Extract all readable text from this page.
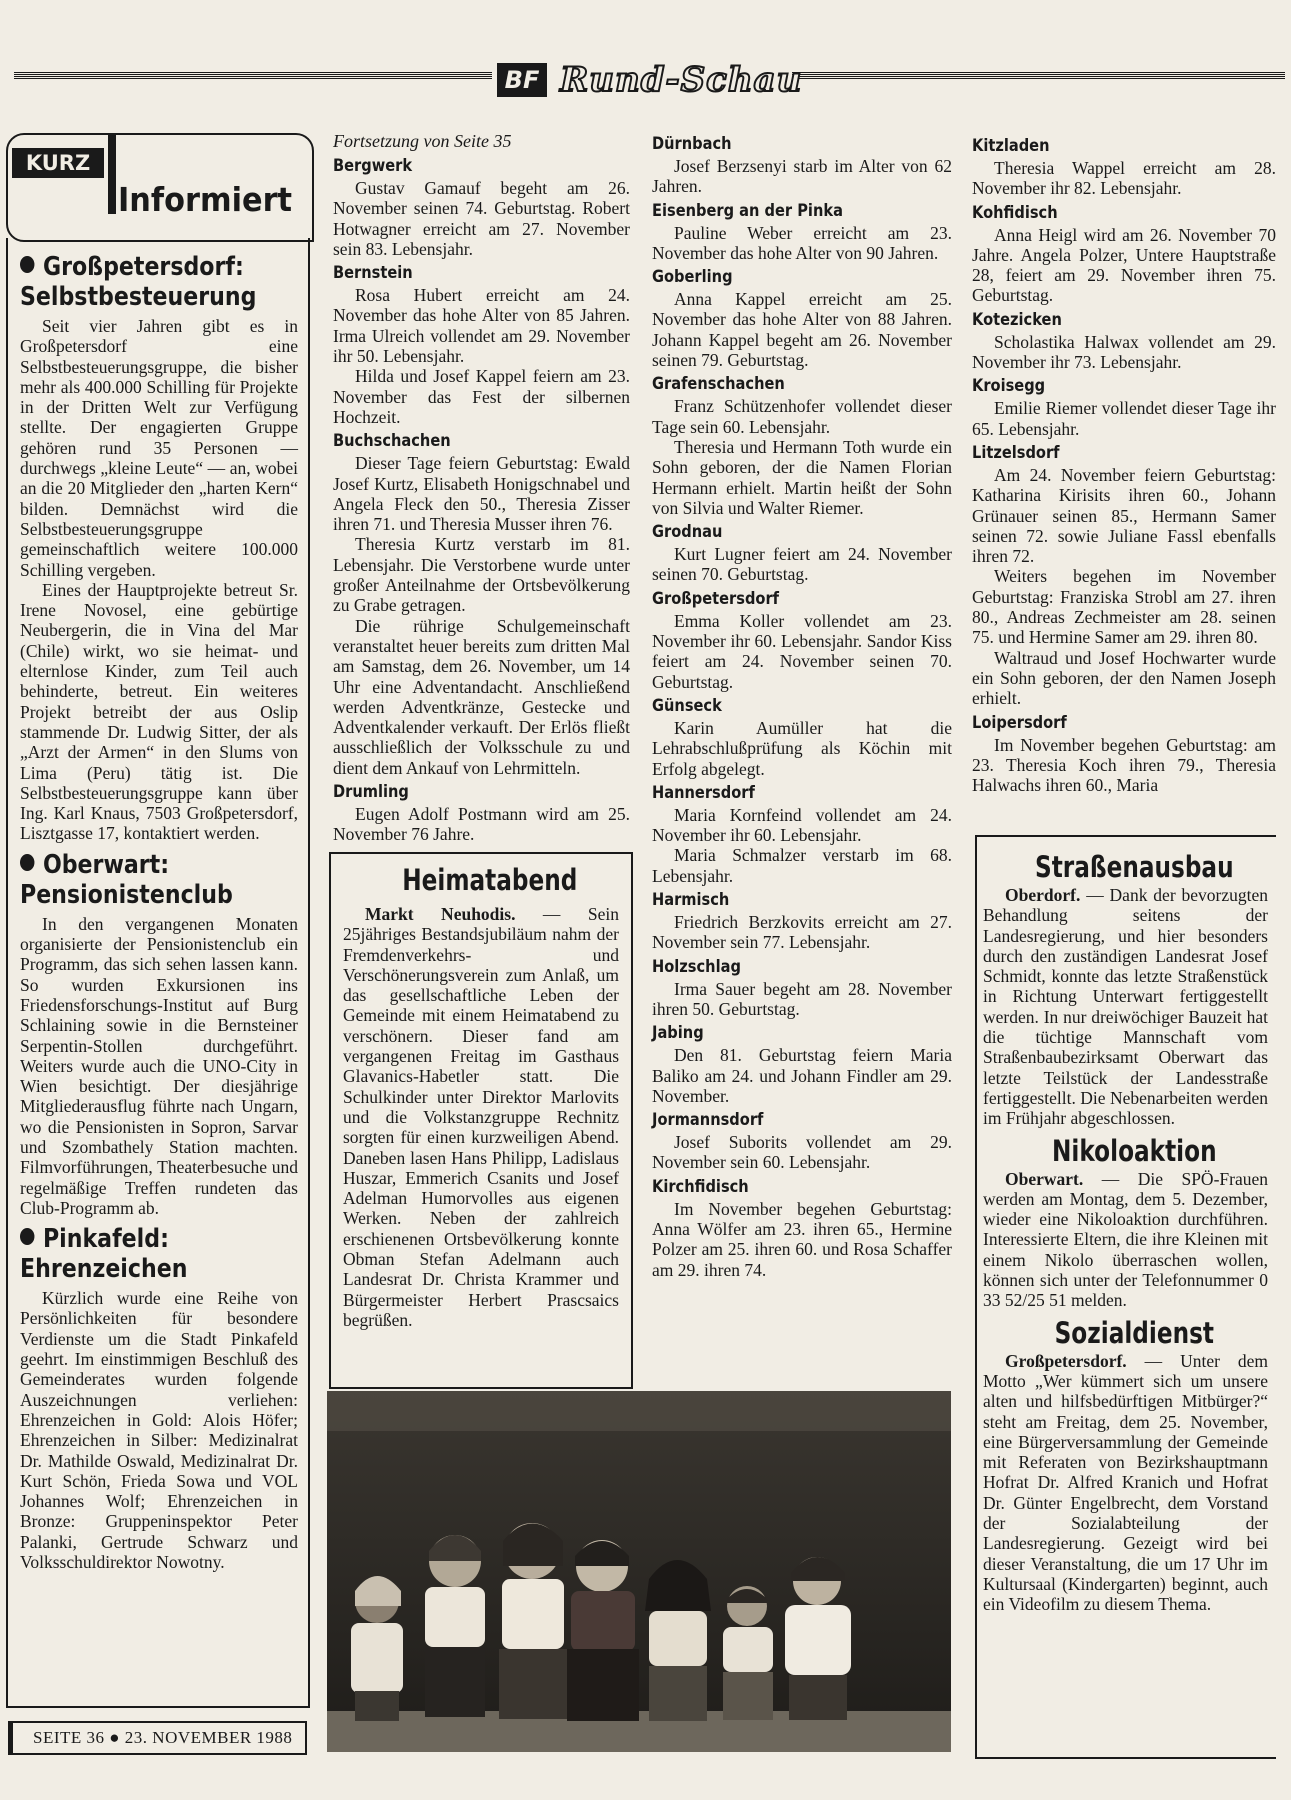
BF Rund-Schau
KURZ
Informiert
Großpetersdorf:
Selbstbesteuerung

Seit vier Jahren gibt es in Großpetersdorf eine Selbstbesteuerungsgruppe, die bisher mehr als 400.000 Schilling für Projekte in der Dritten Welt zur Verfügung stellte. Der engagierten Gruppe gehören rund 35 Personen — durchwegs „kleine Leute“ — an, wobei an die 20 Mitglieder den „harten Kern“ bilden. Demnächst wird die Selbstbesteuerungsgruppe gemeinschaftlich weitere 100.000 Schilling vergeben.

Eines der Hauptprojekte betreut Sr. Irene Novosel, eine gebürtige Neubergerin, die in Vina del Mar (Chile) wirkt, wo sie heimat- und elternlose Kinder, zum Teil auch behinderte, betreut. Ein weiteres Projekt betreibt der aus Oslip stammende Dr. Ludwig Sitter, der als „Arzt der Armen“ in den Slums von Lima (Peru) tätig ist. Die Selbstbesteuerungsgruppe kann über Ing. Karl Knaus, 7503 Großpetersdorf, Lisztgasse 17, kontaktiert werden.

Oberwart:
Pensionistenclub

In den vergangenen Monaten organisierte der Pensionistenclub ein Programm, das sich sehen lassen kann. So wurden Exkursionen ins Friedensforschungs-Institut auf Burg Schlaining sowie in die Bernsteiner Serpentin-Stollen durchgeführt. Weiters wurde auch die UNO-City in Wien besichtigt. Der diesjährige Mitgliederausflug führte nach Ungarn, wo die Pensionisten in Sopron, Sarvar und Szombathely Station machten. Filmvorführungen, Theaterbesuche und regelmäßige Treffen rundeten das Club-Programm ab.

Pinkafeld:
Ehrenzeichen

Kürzlich wurde eine Reihe von Persönlichkeiten für besondere Verdienste um die Stadt Pinkafeld geehrt. Im einstimmigen Beschluß des Gemeinderates wurden folgende Auszeichnungen verliehen: Ehrenzeichen in Gold: Alois Höfer; Ehrenzeichen in Silber: Medizinalrat Dr. Mathilde Oswald, Medizinalrat Dr. Kurt Schön, Frieda Sowa und VOL Johannes Wolf; Ehrenzeichen in Bronze: Gruppeninspektor Peter Palanki, Gertrude Schwarz und Volksschuldirektor Nowotny.

SEITE 36 ● 23. NOVEMBER 1988

Fortsetzung von Seite 35

Bergwerk

Gustav Gamauf begeht am 26. November seinen 74. Geburtstag. Robert Hotwagner erreicht am 27. November sein 83. Lebensjahr.

Bernstein

Rosa Hubert erreicht am 24. November das hohe Alter von 85 Jahren. Irma Ulreich vollendet am 29. November ihr 50. Lebensjahr.

Hilda und Josef Kappel feiern am 23. November das Fest der silbernen Hochzeit.

Buchschachen

Dieser Tage feiern Geburtstag: Ewald Josef Kurtz, Elisabeth Honigschnabel und Angela Fleck den 50., Theresia Zisser ihren 71. und Theresia Musser ihren 76.

Theresia Kurtz verstarb im 81. Lebensjahr. Die Verstorbene wurde unter großer Anteilnahme der Ortsbevölkerung zu Grabe getragen.

Die rührige Schulgemeinschaft veranstaltet heuer bereits zum dritten Mal am Samstag, dem 26. November, um 14 Uhr eine Adventandacht. Anschließend werden Adventkränze, Gestecke und Adventkalender verkauft. Der Erlös fließt ausschließlich der Volksschule zu und dient dem Ankauf von Lehrmitteln.

Drumling

Eugen Adolf Postmann wird am 25. November 76 Jahre.

Heimatabend

Markt Neuhodis. — Sein 25jähriges Bestandsjubiläum nahm der Fremdenverkehrs- und Verschönerungsverein zum Anlaß, um das gesellschaftliche Leben der Gemeinde mit einem Heimatabend zu verschönern. Dieser fand am vergangenen Freitag im Gasthaus Glavanics-Habetler statt. Die Schulkinder unter Direktor Marlovits und die Volkstanzgruppe Rechnitz sorgten für einen kurzweiligen Abend. Daneben lasen Hans Philipp, Ladislaus Huszar, Emmerich Csanits und Josef Adelman Humorvolles aus eigenen Werken. Neben der zahlreich erschienenen Ortsbevölkerung konnte Obman Stefan Adelmann auch Landesrat Dr. Christa Krammer und Bürgermeister Herbert Prascsaics begrüßen.

Dürnbach

Josef Berzsenyi starb im Alter von 62 Jahren.

Eisenberg an der Pinka

Pauline Weber erreicht am 23. November das hohe Alter von 90 Jahren.

Goberling

Anna Kappel erreicht am 25. November das hohe Alter von 88 Jahren. Johann Kappel begeht am 26. November seinen 79. Geburtstag.

Grafenschachen

Franz Schützenhofer vollendet dieser Tage sein 60. Lebensjahr.

Theresia und Hermann Toth wurde ein Sohn geboren, der die Namen Florian Hermann erhielt. Martin heißt der Sohn von Silvia und Walter Riemer.

Grodnau

Kurt Lugner feiert am 24. November seinen 70. Geburtstag.

Großpetersdorf

Emma Koller vollendet am 23. November ihr 60. Lebensjahr. Sandor Kiss feiert am 24. November seinen 70. Geburtstag.

Günseck

Karin Aumüller hat die Lehrabschlußprüfung als Köchin mit Erfolg abgelegt.

Hannersdorf

Maria Kornfeind vollendet am 24. November ihr 60. Lebensjahr.

Maria Schmalzer verstarb im 68. Lebensjahr.

Harmisch

Friedrich Berzkovits erreicht am 27. November sein 77. Lebensjahr.

Holzschlag

Irma Sauer begeht am 28. November ihren 50. Geburtstag.

Jabing

Den 81. Geburtstag feiern Maria Baliko am 24. und Johann Findler am 29. November.

Jormannsdorf

Josef Suborits vollendet am 29. November sein 60. Lebensjahr.

Kirchfidisch

Im November begehen Geburtstag: Anna Wölfer am 23. ihren 65., Hermine Polzer am 25. ihren 60. und Rosa Schaffer am 29. ihren 74.

Kitzladen

Theresia Wappel erreicht am 28. November ihr 82. Lebensjahr.

Kohfidisch

Anna Heigl wird am 26. November 70 Jahre. Angela Polzer, Untere Hauptstraße 28, feiert am 29. November ihren 75. Geburtstag.

Kotezicken

Scholastika Halwax vollendet am 29. November ihr 73. Lebensjahr.

Kroisegg

Emilie Riemer vollendet dieser Tage ihr 65. Lebensjahr.

Litzelsdorf

Am 24. November feiern Geburtstag: Katharina Kirisits ihren 60., Johann Grünauer seinen 85., Hermann Samer seinen 72. sowie Juliane Fassl ebenfalls ihren 72.

Weiters begehen im November Geburtstag: Franziska Strobl am 27. ihren 80., Andreas Zechmeister am 28. seinen 75. und Hermine Samer am 29. ihren 80.

Waltraud und Josef Hochwarter wurde ein Sohn geboren, der den Namen Joseph erhielt.

Loipersdorf

Im November begehen Geburtstag: am 23. Theresia Koch ihren 79., Theresia Halwachs ihren 60., Maria

Straßenausbau

Oberdorf. — Dank der bevorzugten Behandlung seitens der Landesregierung, und hier besonders durch den zuständigen Landesrat Josef Schmidt, konnte das letzte Straßenstück in Richtung Unterwart fertiggestellt werden. In nur dreiwöchiger Bauzeit hat die tüchtige Mannschaft vom Straßenbaubezirksamt Oberwart das letzte Teilstück der Landesstraße fertiggestellt. Die Nebenarbeiten werden im Frühjahr abgeschlossen.

Nikoloaktion

Oberwart. — Die SPÖ-Frauen werden am Montag, dem 5. Dezember, wieder eine Nikoloaktion durchführen. Interessierte Eltern, die ihre Kleinen mit einem Nikolo überraschen wollen, können sich unter der Telefonnummer 0 33 52/25 51 melden.

Sozialdienst

Großpetersdorf. — Unter dem Motto „Wer kümmert sich um unsere alten und hilfsbedürftigen Mitbürger?“ steht am Freitag, dem 25. November, eine Bürgerversammlung der Gemeinde mit Referaten von Bezirkshauptmann Hofrat Dr. Alfred Kranich und Hofrat Dr. Günter Engelbrecht, dem Vorstand der Sozialabteilung der Landesregierung. Gezeigt wird bei dieser Veranstaltung, die um 17 Uhr im Kultursaal (Kindergarten) beginnt, auch ein Videofilm zu diesem Thema.
